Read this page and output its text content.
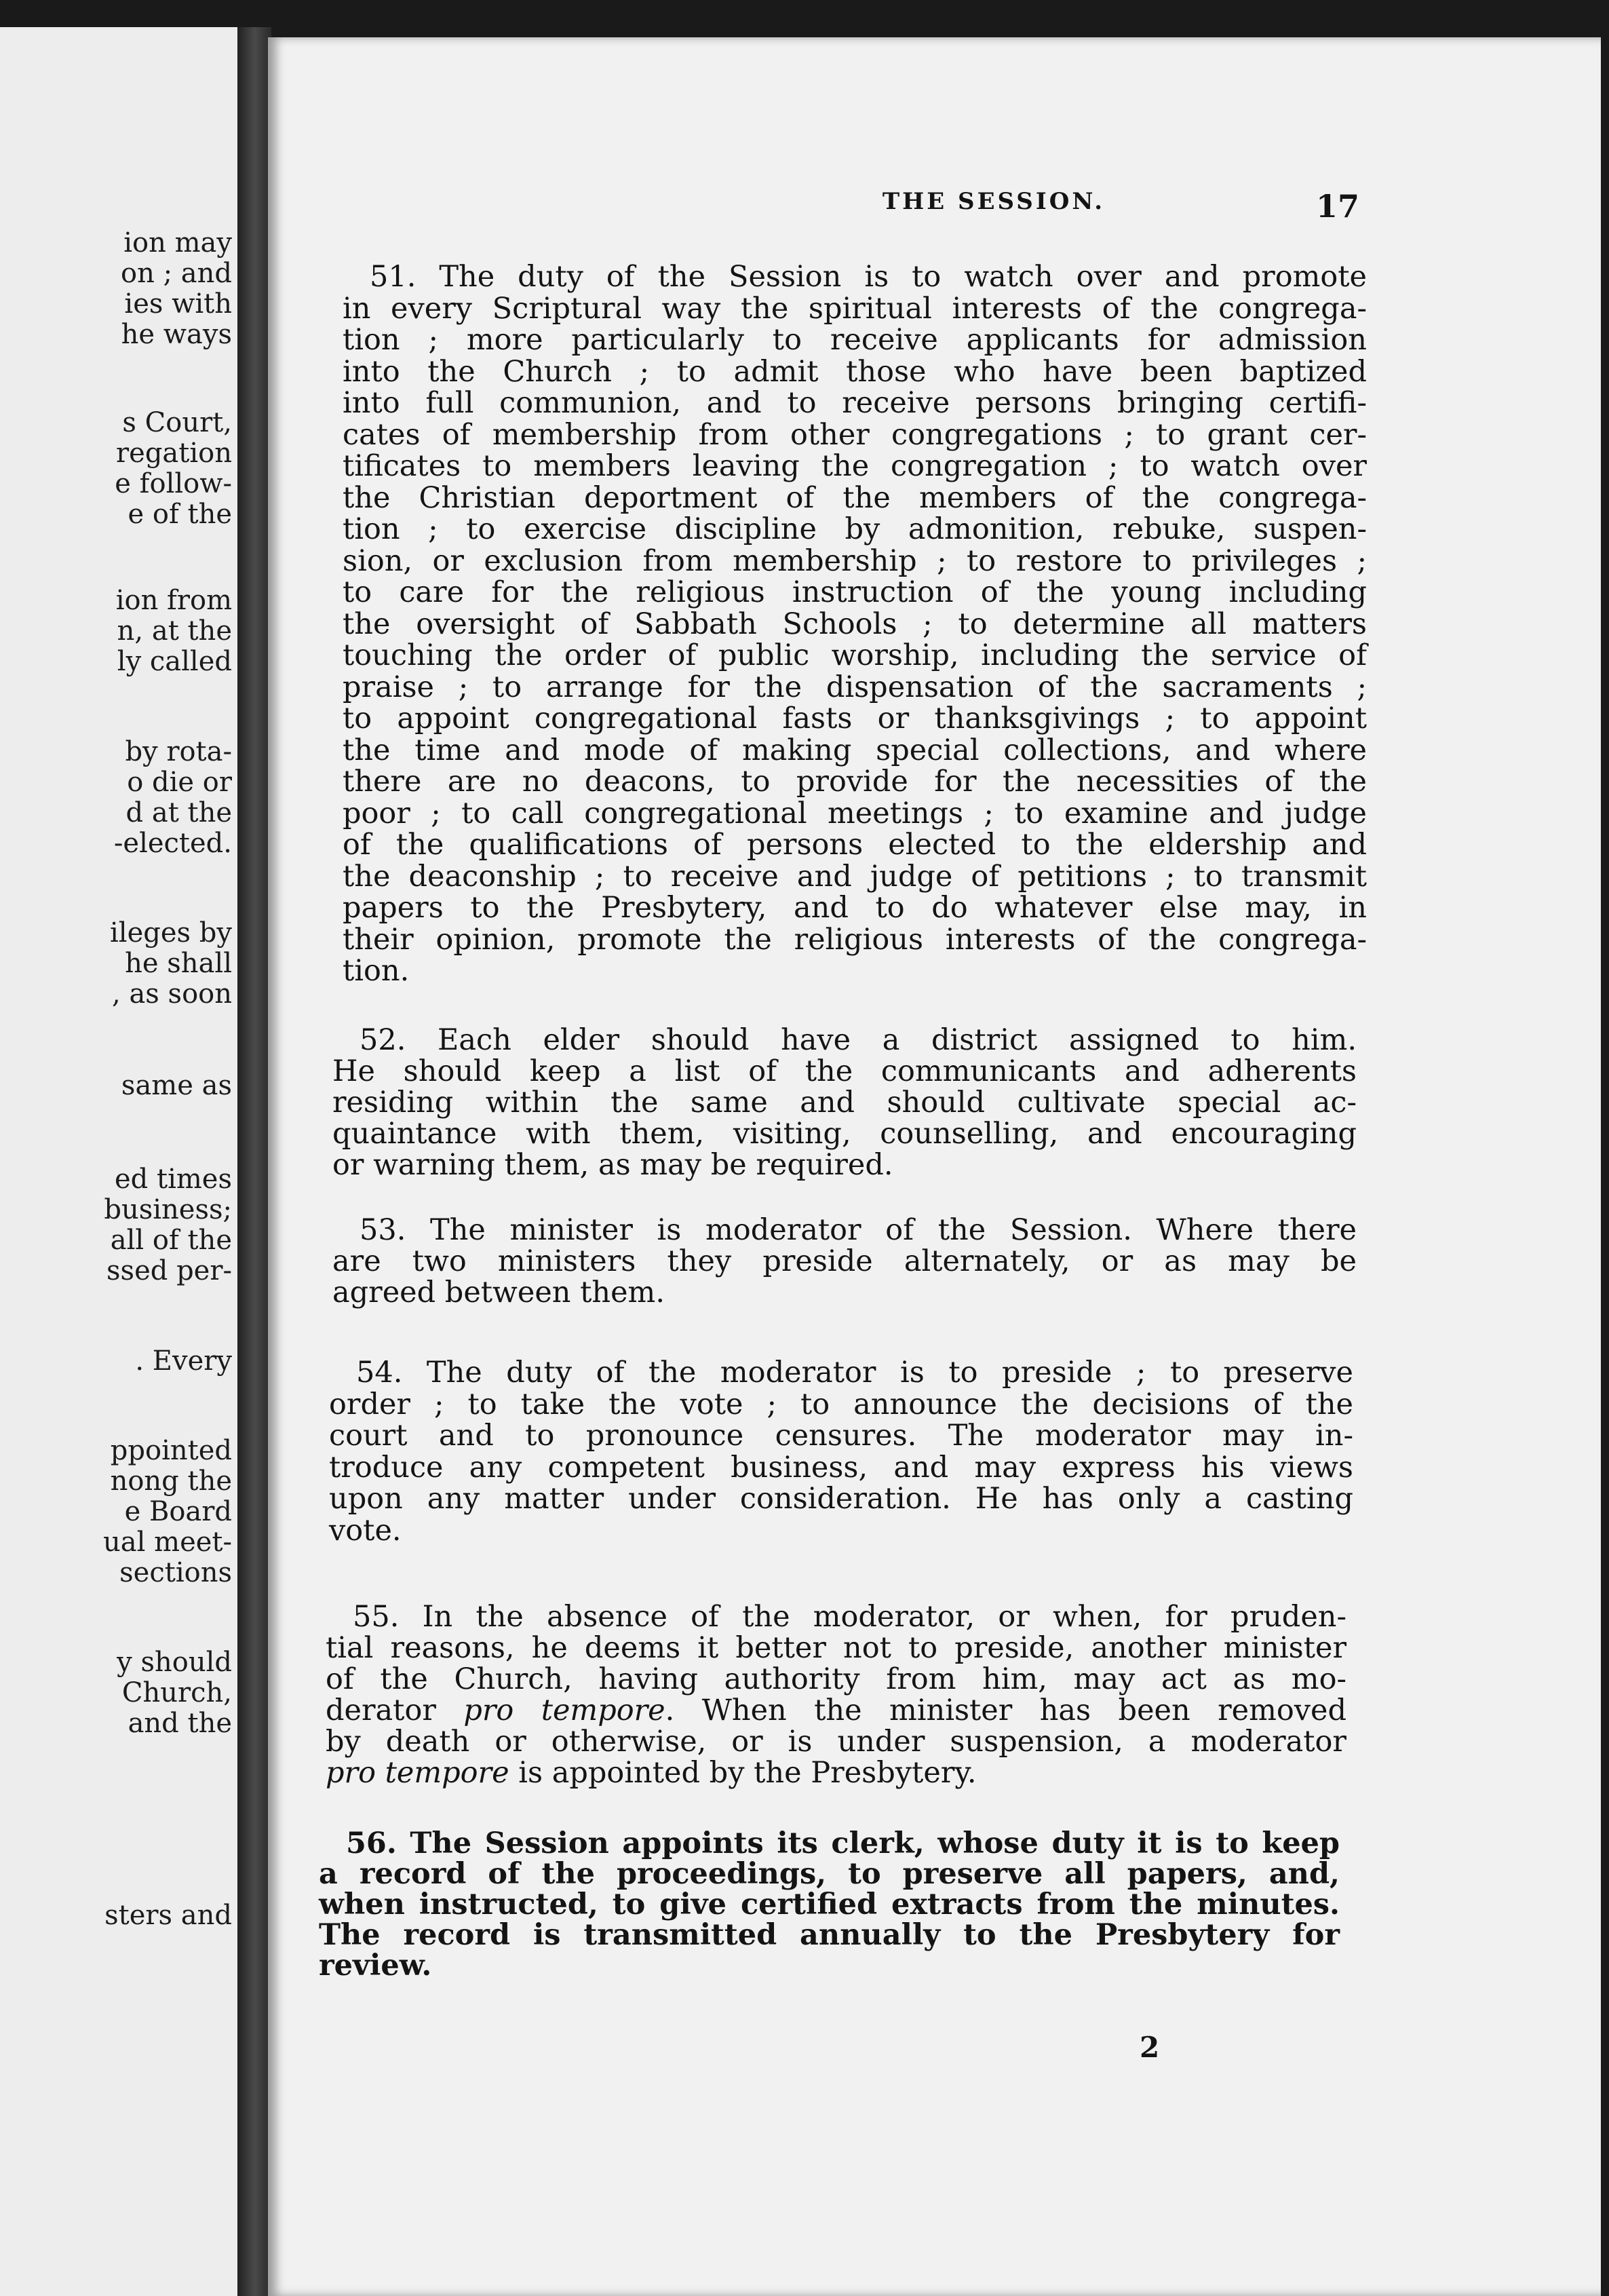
ion may
on ; and
ies with
he ways
s Court,
regation
e follow-
e of the
ion from
n, at the
ly called
by rota-
o die or
d at the
-elected.
ileges by
he shall
, as soon
same as
ed times
business;
all of the
ssed per-
. Every
ppointed
nong the
e Board
ual meet-
sections
y should
Church,
and the
sters and
THE SESSION.	17
51. The duty of the Session is to watch over and promote
in every Scriptural way the spiritual interests of the congrega-
tion ; more particularly to receive applicants for admission
into the Church ; to admit those who have been baptized
into full communion, and to receive persons bringing certifi-
cates of membership from other congregations ; to grant cer-
tificates to members leaving the congregation ; to watch over
the Christian deportment of the members of the congrega-
tion ; to exercise discipline by admonition, rebuke, suspen-
sion, or exclusion from membership ; to restore to privileges ;
to care for the religious instruction of the young including
the oversight of Sabbath Schools ; to determine all matters
touching the order of public worship, including the service of
praise ; to arrange for the dispensation of the sacraments ;
to appoint congregational fasts or thanksgivings ; to appoint
the time and mode of making special collections, and where
there are no deacons, to provide for the necessities of the
poor ; to call congregational meetings ; to examine and judge
of the qualifications of persons elected to the eldership and
the deaconship ; to receive and judge of petitions ; to transmit
papers to the Presbytery, and to do whatever else may, in
their opinion, promote the religious interests of the congrega-
tion.
52. Each elder should have a district assigned to him.
He should keep a list of the communicants and adherents
residing within the same and should cultivate special ac-
quaintance with them, visiting, counselling, and encouraging
or warning them, as may be required.
53. The minister is moderator of the Session. Where there
are two ministers they preside alternately, or as may be
agreed between them.
54. The duty of the moderator is to preside ; to preserve
order ; to take the vote ; to announce the decisions of the
court and to pronounce censures. The moderator may in-
troduce any competent business, and may express his views
upon any matter under consideration. He has only a casting
vote.
55. In the absence of the moderator, or when, for pruden-
tial reasons, he deems it better not to preside, another minister
of the Church, having authority from him, may act as mo-
derator pro tempore. When the minister has been removed
by death or otherwise, or is under suspension, a moderator
pro tempore is appointed by the Presbytery.
56. The Session appoints its clerk, whose duty it is to keep
a record of the proceedings, to preserve all papers, and,
when instructed, to give certified extracts from the minutes.
The record is transmitted annually to the Presbytery for
review.
2
